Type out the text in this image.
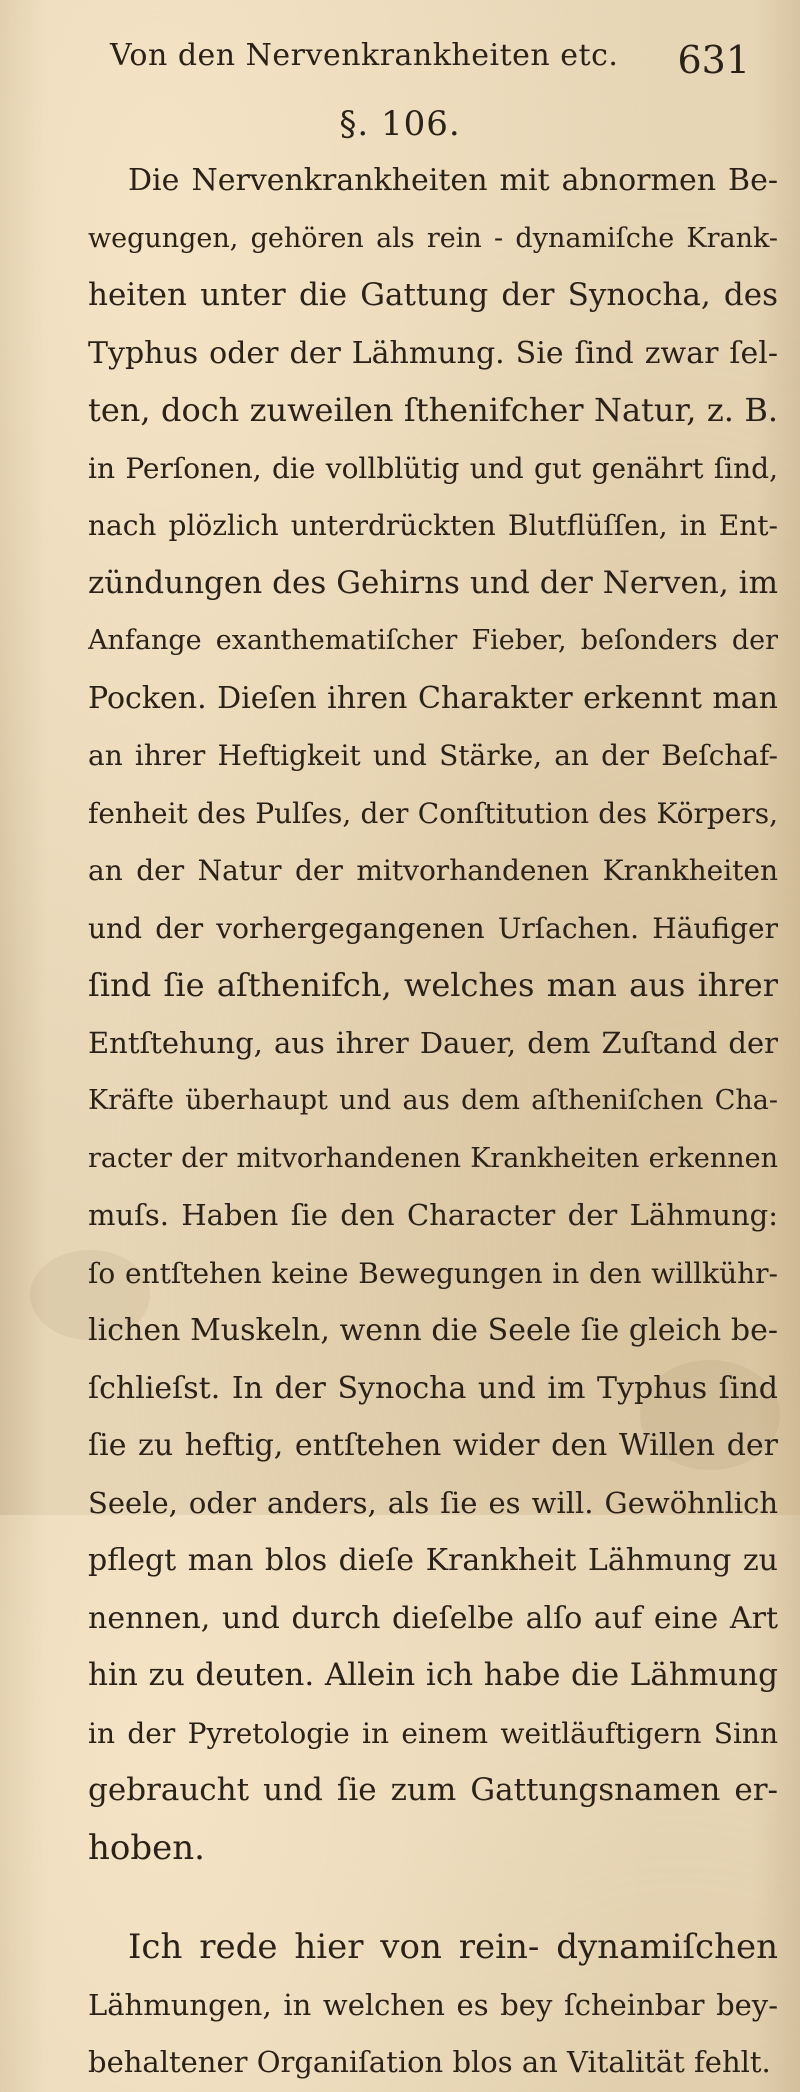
Von den Nervenkrankheiten etc. 631
§. 106.
Die Nervenkrankheiten mit abnormen Be-
wegungen, gehören als rein - dynamiſche Krank-
heiten unter die Gattung der Synocha, des
Typhus oder der Lähmung. Sie ſind zwar ſel-
ten, doch zuweilen ſthenifcher Natur, z. B.
in Perſonen, die vollblütig und gut genährt ſind,
nach plözlich unterdrückten Blutflüſſen, in Ent-
zündungen des Gehirns und der Nerven, im
Anfange exanthematiſcher Fieber, beſonders der
Pocken. Dieſen ihren Charakter erkennt man
an ihrer Heftigkeit und Stärke, an der Beſchaf-
fenheit des Pulſes, der Conſtitution des Körpers,
an der Natur der mitvorhandenen Krankheiten
und der vorhergegangenen Urſachen. Häufiger
ſind ſie aſthenifch, welches man aus ihrer
Entſtehung, aus ihrer Dauer, dem Zuſtand der
Kräfte überhaupt und aus dem aſtheniſchen Cha-
racter der mitvorhandenen Krankheiten erkennen
muſs. Haben ſie den Character der Lähmung:
ſo entſtehen keine Bewegungen in den willkühr-
lichen Muskeln, wenn die Seele ſie gleich be-
ſchlieſst. In der Synocha und im Typhus ſind
ſie zu heftig, entſtehen wider den Willen der
Seele, oder anders, als ſie es will. Gewöhnlich
pflegt man blos dieſe Krankheit Lähmung zu
nennen, und durch dieſelbe alſo auf eine Art
hin zu deuten. Allein ich habe die Lähmung
in der Pyretologie in einem weitläuftigern Sinn
gebraucht und ſie zum Gattungsnamen er-
hoben.
Ich rede hier von rein- dynamiſchen
Lähmungen, in welchen es bey ſcheinbar bey-
behaltener Organiſation blos an Vitalität fehlt.
